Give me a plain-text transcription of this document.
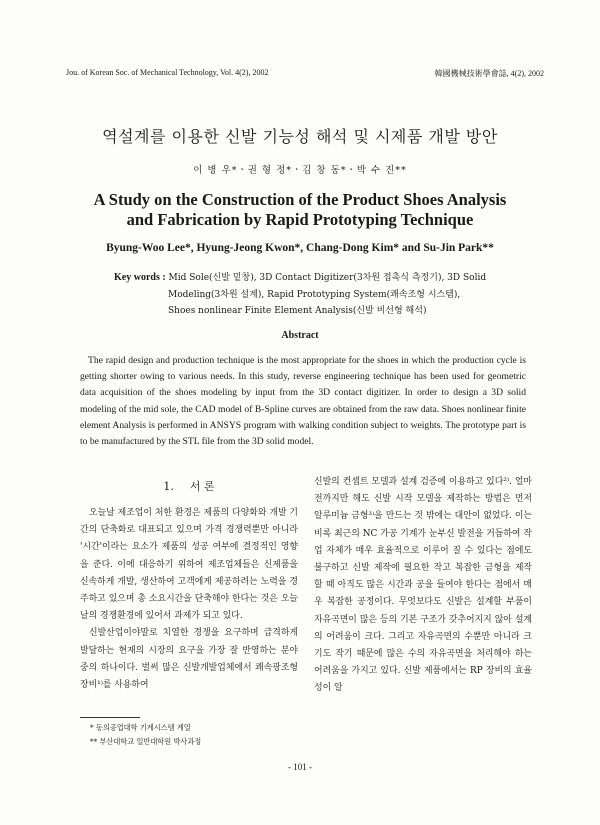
Jou. of Korean Soc. of Mechanical Technology, Vol. 4(2), 2002	韓國機械技術學會誌, 4(2), 2002
역설계를 이용한 신발 기능성 해석 및 시제품 개발 방안
이 병 우*ㆍ권 형 정*ㆍ김 창 동*ㆍ박 수 진**
A Study on the Construction of the Product Shoes Analysis
and Fabrication by Rapid Prototyping Technique
Byung-Woo Lee*, Hyung-Jeong Kwon*, Chang-Dong Kim* and Su-Jin Park**
Key words : Mid Sole(신발 밑창), 3D Contact Digitizer(3차원 접촉식 측정기), 3D Solid
Modeling(3차원 설계), Rapid Prototyping System(쾌속조형 시스템),
Shoes nonlinear Finite Element Analysis(신발 비선형 해석)
Abstract
The rapid design and production technique is the most appropriate for the shoes in which the production cycle is getting shorter owing to various needs. In this study, reverse engineering technique has been used for geometric data acquisition of the shoes modeling by input from the 3D contact digitizer. In order to design a 3D solid modeling of the mid sole, the CAD model of B-Spline curves are obtained from the raw data. Shoes nonlinear finite element Analysis is performed in ANSYS program with walking condition subject to weights. The prototype part is to be manufactured by the STL file from the 3D solid model.
1. 서 론
오늘날 제조업이 처한 환경은 제품의 다양화와 개발 기간의 단축화로 대표되고 있으며 가격 경쟁력뿐만 아니라 '시간'이라는 요소가 제품의 성공 여부에 결정적인 영향을 준다. 이에 대응하기 위하여 제조업체들은 신제품을 신속하게 개발, 생산하여 고객에게 제공하려는 노력을 경주하고 있으며 총 소요시간을 단축해야 한다는 것은 오늘날의 경쟁환경에 있어서 과제가 되고 있다.
신발산업이야말로 치열한 경쟁을 요구하며 급격하게 발달하는 현재의 시장의 요구을 가장 잘 반영하는 분야 중의 하나이다. 벌써 많은 신발개발업체에서 쾌속광조형장비¹⁾를 사용하여
신발의 컨셉트 모델과 설계 검증에 이용하고 있다²⁾. 얼마 전까지만 해도 신발 시작 모델을 제작하는 방법은 먼저 알루미늄 금형³⁾을 만드는 것 밖에는 대안이 없었다. 이는 비록 최근의 NC 가공 기계가 눈부신 발전을 거듭하여 작업 자체가 매우 효율적으로 이루어 질 수 있다는 점에도 불구하고 신발 제작에 필요한 작고 복잡한 금형을 제작 할 때 아직도 많은 시간과 공을 들여야 한다는 점에서 매우 복잡한 공정이다. 무엇보다도 신발은 설계할 부품이 자유곡면이 많은 등의 기본 구조가 갖추어지지 않아 설계의 어려움이 크다. 그리고 자유곡면의 수뿐만 아니라 크기도 작기 때문에 많은 수의 자유곡면을 처리해야 하는 어려움을 가지고 있다. 신발 제품에서는 RP 장비의 효율성이 알
* 동의공업대학 기계시스템 계열
** 부산대학교 일반대학원 박사과정
- 101 -
